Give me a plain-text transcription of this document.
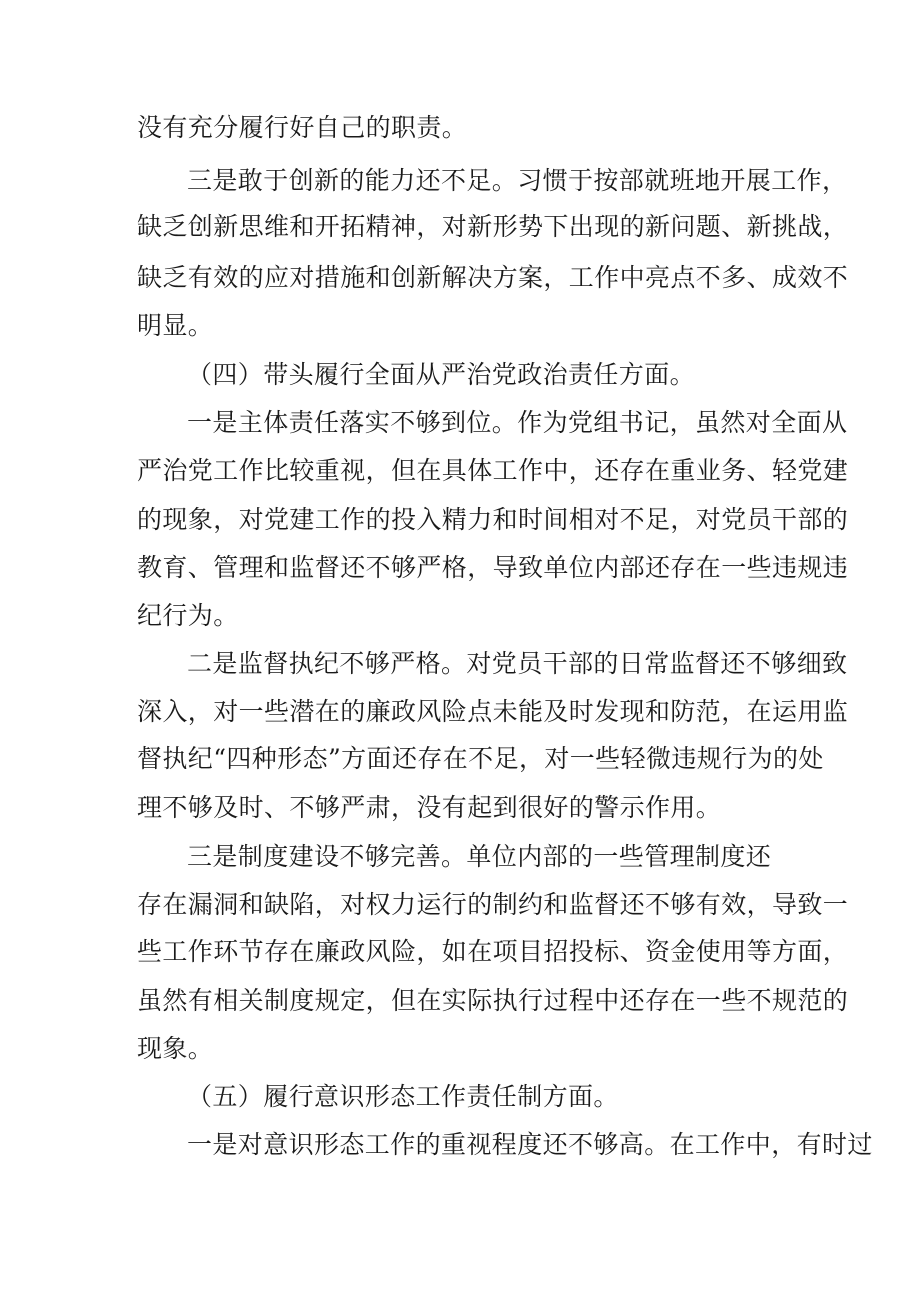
没有充分履行好自己的职责。

三是敢于创新的能力还不足。习惯于按部就班地开展工作，

缺乏创新思维和开拓精神，对新形势下出现的新问题、新挑战，

缺乏有效的应对措施和创新解决方案，工作中亮点不多、成效不

明显。

（四）带头履行全面从严治党政治责任方面。

一是主体责任落实不够到位。作为党组书记，虽然对全面从

严治党工作比较重视，但在具体工作中，还存在重业务、轻党建

的现象，对党建工作的投入精力和时间相对不足，对党员干部的

教育、管理和监督还不够严格，导致单位内部还存在一些违规违

纪行为。

二是监督执纪不够严格。对党员干部的日常监督还不够细致

深入，对一些潜在的廉政风险点未能及时发现和防范，在运用监

督执纪“四种形态”方面还存在不足，对一些轻微违规行为的处

理不够及时、不够严肃，没有起到很好的警示作用。

三是制度建设不够完善。单位内部的一些管理制度还

存在漏洞和缺陷，对权力运行的制约和监督还不够有效，导致一

些工作环节存在廉政风险，如在项目招投标、资金使用等方面，

虽然有相关制度规定，但在实际执行过程中还存在一些不规范的

现象。

（五）履行意识形态工作责任制方面。

一是对意识形态工作的重视程度还不够高。在工作中，有时过
